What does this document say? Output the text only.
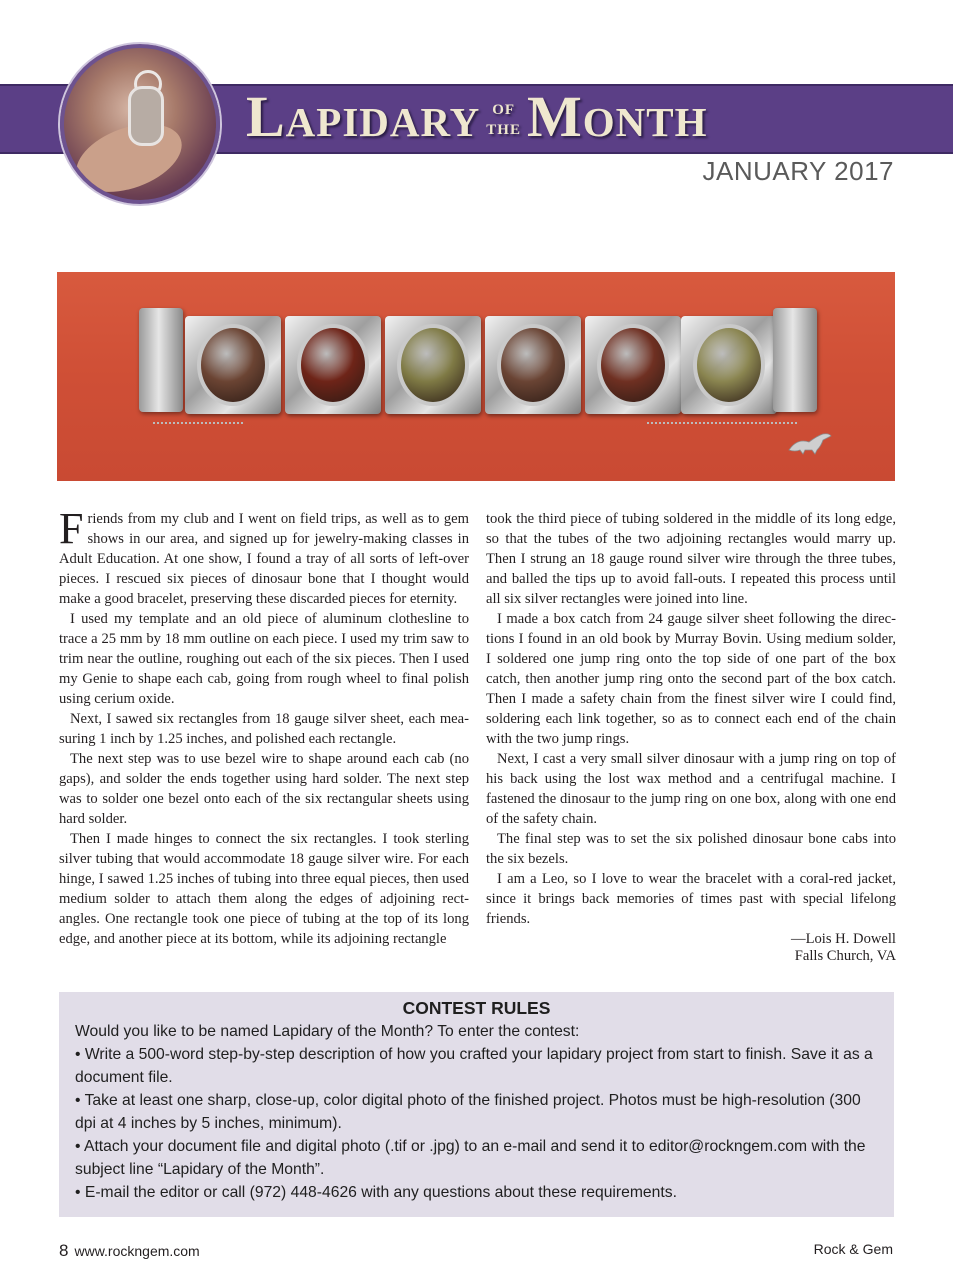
Lapidary of
the Month
JANUARY 2017

Friends from my club and I went on field trips, as well as to gem shows in our area, and signed up for jewelry-making classes in Adult Education. At one show, I found a tray of all sorts of left-over pieces. I rescued six pieces of dinosaur bone that I thought would make a good bracelet, preserving these discarded pieces for eternity.

I used my template and an old piece of aluminum clothesline to trace a 25 mm by 18 mm outline on each piece. I used my trim saw to trim near the outline, roughing out each of the six pieces. Then I used my Genie to shape each cab, going from rough wheel to final polish using cerium oxide.

Next, I sawed six rectangles from 18 gauge silver sheet, each mea-suring 1 inch by 1.25 inches, and polished each rectangle.

The next step was to use bezel wire to shape around each cab (no gaps), and solder the ends together using hard solder. The next step was to solder one bezel onto each of the six rectangular sheets using hard solder.

Then I made hinges to connect the six rectangles. I took sterling silver tubing that would accommodate 18 gauge silver wire. For each hinge, I sawed 1.25 inches of tubing into three equal pieces, then used medium solder to attach them along the edges of adjoining rect-angles. One rectangle took one piece of tubing at the top of its long edge, and another piece at its bottom, while its adjoining rectangle

took the third piece of tubing soldered in the middle of its long edge, so that the tubes of the two adjoining rectangles would marry up. Then I strung an 18 gauge round silver wire through the three tubes, and balled the tips up to avoid fall-outs. I repeated this process until all six silver rectangles were joined into line.

I made a box catch from 24 gauge silver sheet following the direc-tions I found in an old book by Murray Bovin. Using medium solder, I soldered one jump ring onto the top side of one part of the box catch, then another jump ring onto the second part of the box catch. Then I made a safety chain from the finest silver wire I could find, soldering each link together, so as to connect each end of the chain with the two jump rings.

Next, I cast a very small silver dinosaur with a jump ring on top of his back using the lost wax method and a centrifugal machine. I fastened the dinosaur to the jump ring on one box, along with one end of the safety chain.

The final step was to set the six polished dinosaur bone cabs into the six bezels.

I am a Leo, so I love to wear the bracelet with a coral-red jacket, since it brings back memories of times past with special lifelong friends.

—Lois H. Dowell
Falls Church, VA
CONTEST RULES

Would you like to be named Lapidary of the Month? To enter the contest:

• Write a 500-word step-by-step description of how you crafted your lapidary project from start to finish. Save it as a document file.

• Take at least one sharp, close-up, color digital photo of the finished project. Photos must be high-resolution (300 dpi at 4 inches by 5 inches, minimum).

• Attach your document file and digital photo (.tif or .jpg) to an e-mail and send it to editor@rockngem.com with the subject line “Lapidary of the Month”.

• E-mail the editor or call (972) 448-4626 with any questions about these requirements.

8 www.rockngem.com	Rock & Gem
